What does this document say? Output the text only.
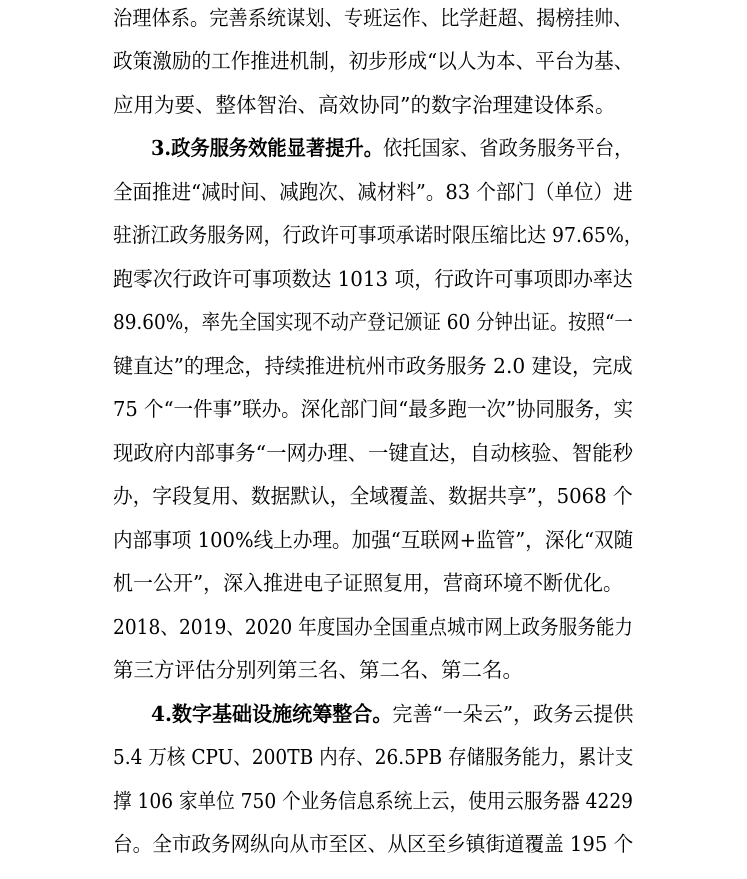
治理体系。完善系统谋划、专班运作、比学赶超、揭榜挂帅、
政策激励的工作推进机制，初步形成“以人为本、平台为基、
应用为要、整体智治、高效协同”的数字治理建设体系。
3.政务服务效能显著提升。 依托国家、省政务服务平台，
全面推进“减时间、减跑次、减材料”。83 个部门（单位）进
驻浙江政务服务网，行政许可事项承诺时限压缩比达 97.65%，
跑零次行政许可事项数达 1013 项，行政许可事项即办率达
89.60%，率先全国实现不动产登记颁证 60 分钟出证。按照“一
键直达”的理念，持续推进杭州市政务服务 2.0 建设，完成
75 个“一件事”联办。深化部门间“最多跑一次”协同服务，实
现政府内部事务“一网办理、一键直达，自动核验、智能秒
办，字段复用、数据默认，全域覆盖、数据共享”，5068 个
内部事项 100%线上办理。加强“互联网+监管”，深化“双随
机一公开”，深入推进电子证照复用，营商环境不断优化。
2018、2019、2020 年度国办全国重点城市网上政务服务能力
第三方评估分别列第三名、第二名、第二名。
4.数字基础设施统筹整合。 完善“一朵云”，政务云提供
5.4 万核 CPU、200TB 内存、26.5PB 存储服务能力，累计支
撑 106 家单位 750 个业务信息系统上云，使用云服务器 4229
台。全市政务网纵向从市至区、从区至乡镇街道覆盖 195 个
